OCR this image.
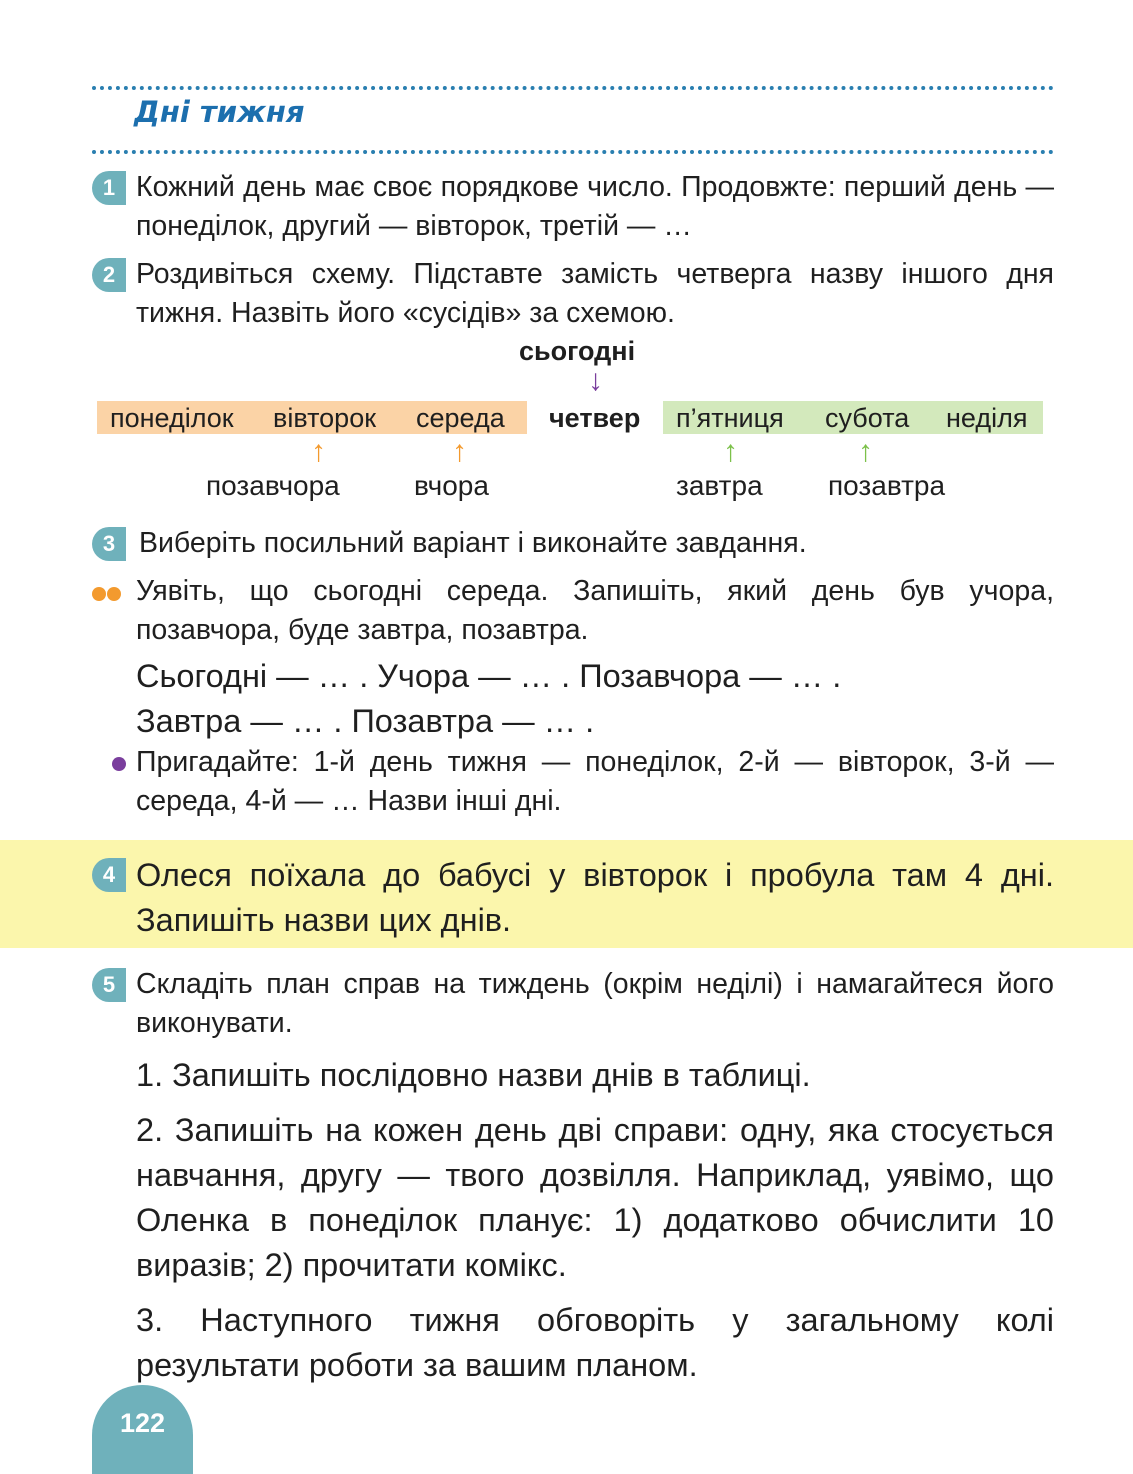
Дні тижня
1 Кожний день має своє порядкове число. Продовжте: перший день — понеділок, другий — вівторок, третій — …
2 Роздивіться схему. Підставте замість четверга назву іншого дня тижня. Назвіть його «сусідів» за схемою.
сьогодні
↓
понеділок вівторок середа четвер п’ятниця субота неділя
↑	↑	↑	↑
позавчора	вчора	завтра позавтра
3 Виберіть посильний варіант і виконайте завдання.
Уявіть, що сьогодні середа. Запишіть, який день був учора, позавчора, буде завтра, позавтра.
Сьогодні — … . Учора — … . Позавчора — … .
Завтра — … . Позавтра — … .
Пригадайте: 1-й день тижня — понеділок, 2-й — вівторок, 3-й — середа, 4-й — … Назви інші дні.
4 Олеся поїхала до бабусі у вівторок і пробула там 4 дні. Запишіть назви цих днів.
5 Складіть план справ на тиждень (окрім неділі) і намагайтеся його виконувати.
1. Запишіть послідовно назви днів в таблиці.
2. Запишіть на кожен день дві справи: одну, яка стосується навчання, другу — твого дозвілля. Наприклад, уявімо, що Оленка в понеділок планує: 1) додатково обчислити 10 виразів; 2) прочитати комікс.
3. Наступного тижня обговоріть у загальному колі результати роботи за вашим планом.
122
